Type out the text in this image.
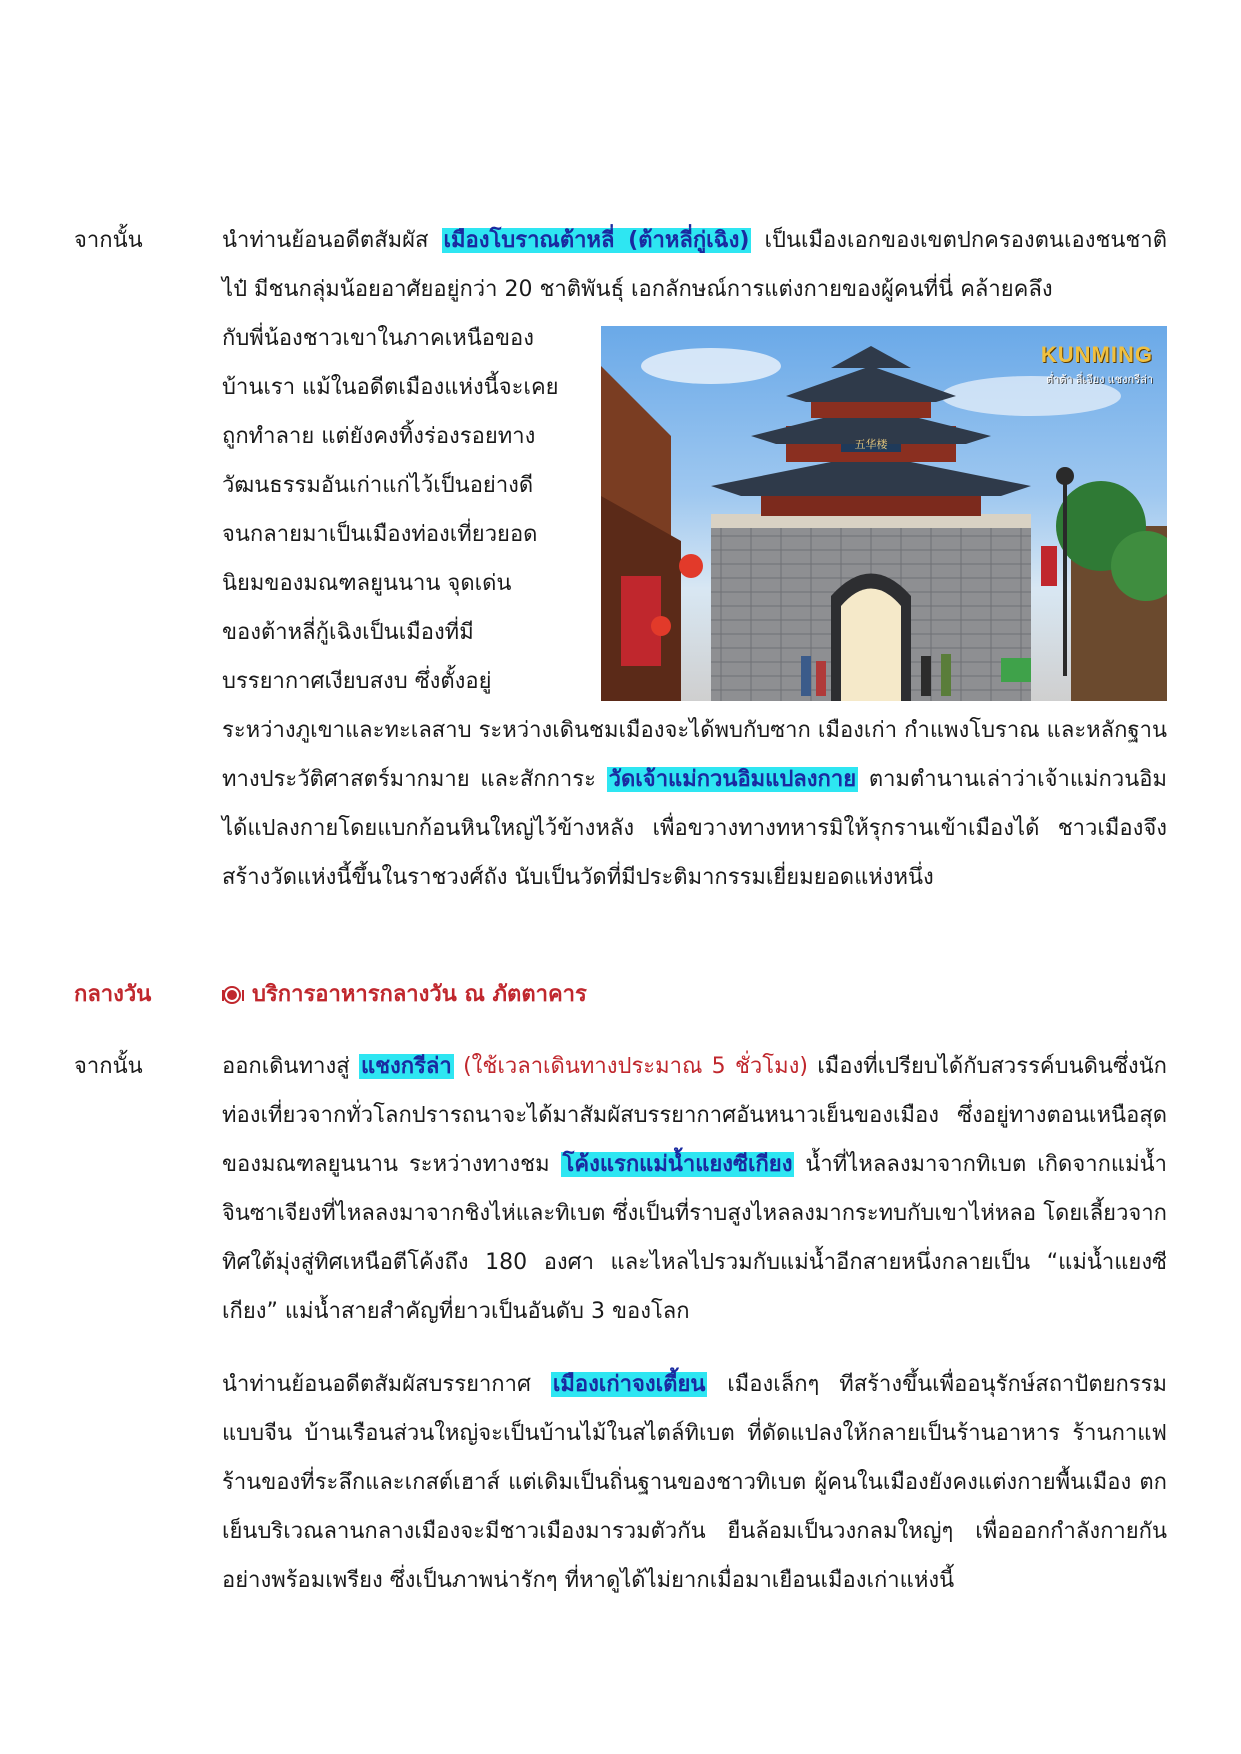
จากนั้น	นำท่านย้อนอดีตสัมผัส เมืองโบราณต้าหลี่ (ต้าหลี่กู่เฉิง) เป็นเมืองเอกของเขตปกครองตนเองชนชาติไป๋ มีชนกลุ่มน้อยอาศัยอยู่กว่า 20 ชาติพันธุ์ เอกลักษณ์การแต่งกายของผู้คนที่นี่ คล้ายคลึง
กับพี่น้องชาวเขาในภาคเหนือของ
บ้านเรา แม้ในอดีตเมืองแห่งนี้จะเคย
ถูกทำลาย แต่ยังคงทิ้งร่องรอยทาง
วัฒนธรรมอันเก่าแก่ไว้เป็นอย่างดี
จนกลายมาเป็นเมืองท่องเที่ยวยอด
นิยมของมณฑลยูนนาน จุดเด่น
ของต้าหลี่กู้เฉิงเป็นเมืองที่มี
บรรยากาศเงียบสงบ ซึ่งตั้งอยู่
五华楼
KUNMING
ต่ำต้า ลี่เจียง แชงกรีล่า
ระหว่างภูเขาและทะเลสาบ ระหว่างเดินชมเมืองจะได้พบกับซาก เมืองเก่า กำแพงโบราณ และหลักฐานทางประวัติศาสตร์มากมาย และสักการะ วัดเจ้าแม่กวนอิมแปลงกาย ตามตำนานเล่าว่าเจ้าแม่กวนอิมได้แปลงกายโดยแบกก้อนหินใหญ่ไว้ข้างหลัง เพื่อขวางทางทหารมิให้รุกรานเข้าเมืองได้ ชาวเมืองจึงสร้างวัดแห่งนี้ขึ้นในราชวงศ์ถัง นับเป็นวัดที่มีประติมากรรมเยี่ยมยอดแห่งหนึ่ง
กลางวัน	บริการอาหารกลางวัน ณ ภัตตาคาร
จากนั้น	ออกเดินทางสู่ แชงกรีล่า (ใช้เวลาเดินทางประมาณ 5 ชั่วโมง) เมืองที่เปรียบได้กับสวรรค์บนดินซึ่งนักท่องเที่ยวจากทั่วโลกปรารถนาจะได้มาสัมผัสบรรยากาศอันหนาวเย็นของเมือง ซึ่งอยู่ทางตอนเหนือสุดของมณฑลยูนนาน ระหว่างทางชม โค้งแรกแม่น้ำแยงซีเกียง น้ำที่ไหลลงมาจากทิเบต เกิดจากแม่น้ำจินซาเจียงที่ไหลลงมาจากชิงไห่และทิเบต ซึ่งเป็นที่ราบสูงไหลลงมากระทบกับเขาไห่หลอ โดยเลี้ยวจากทิศใต้มุ่งสู่ทิศเหนือตีโค้งถึง 180 องศา และไหลไปรวมกับแม่น้ำอีกสายหนึ่งกลายเป็น “แม่น้ำแยงซีเกียง” แม่น้ำสายสำคัญที่ยาวเป็นอันดับ 3 ของโลก
นำท่านย้อนอดีตสัมผัสบรรยากาศ เมืองเก่าจงเตี้ยน เมืองเล็กๆ ทีสร้างขึ้นเพื่ออนุรักษ์สถาปัตยกรรมแบบจีน บ้านเรือนส่วนใหญ่จะเป็นบ้านไม้ในสไตล์ทิเบต ที่ดัดแปลงให้กลายเป็นร้านอาหาร ร้านกาแฟ ร้านของที่ระลึกและเกสต์เฮาส์ แต่เดิมเป็นถิ่นฐานของชาวทิเบต ผู้คนในเมืองยังคงแต่งกายพื้นเมือง ตกเย็นบริเวณลานกลางเมืองจะมีชาวเมืองมารวมตัวกัน ยืนล้อมเป็นวงกลมใหญ่ๆ เพื่อออกกำลังกายกันอย่างพร้อมเพรียง ซึ่งเป็นภาพน่ารักๆ ที่หาดูได้ไม่ยากเมื่อมาเยือนเมืองเก่าแห่งนี้
